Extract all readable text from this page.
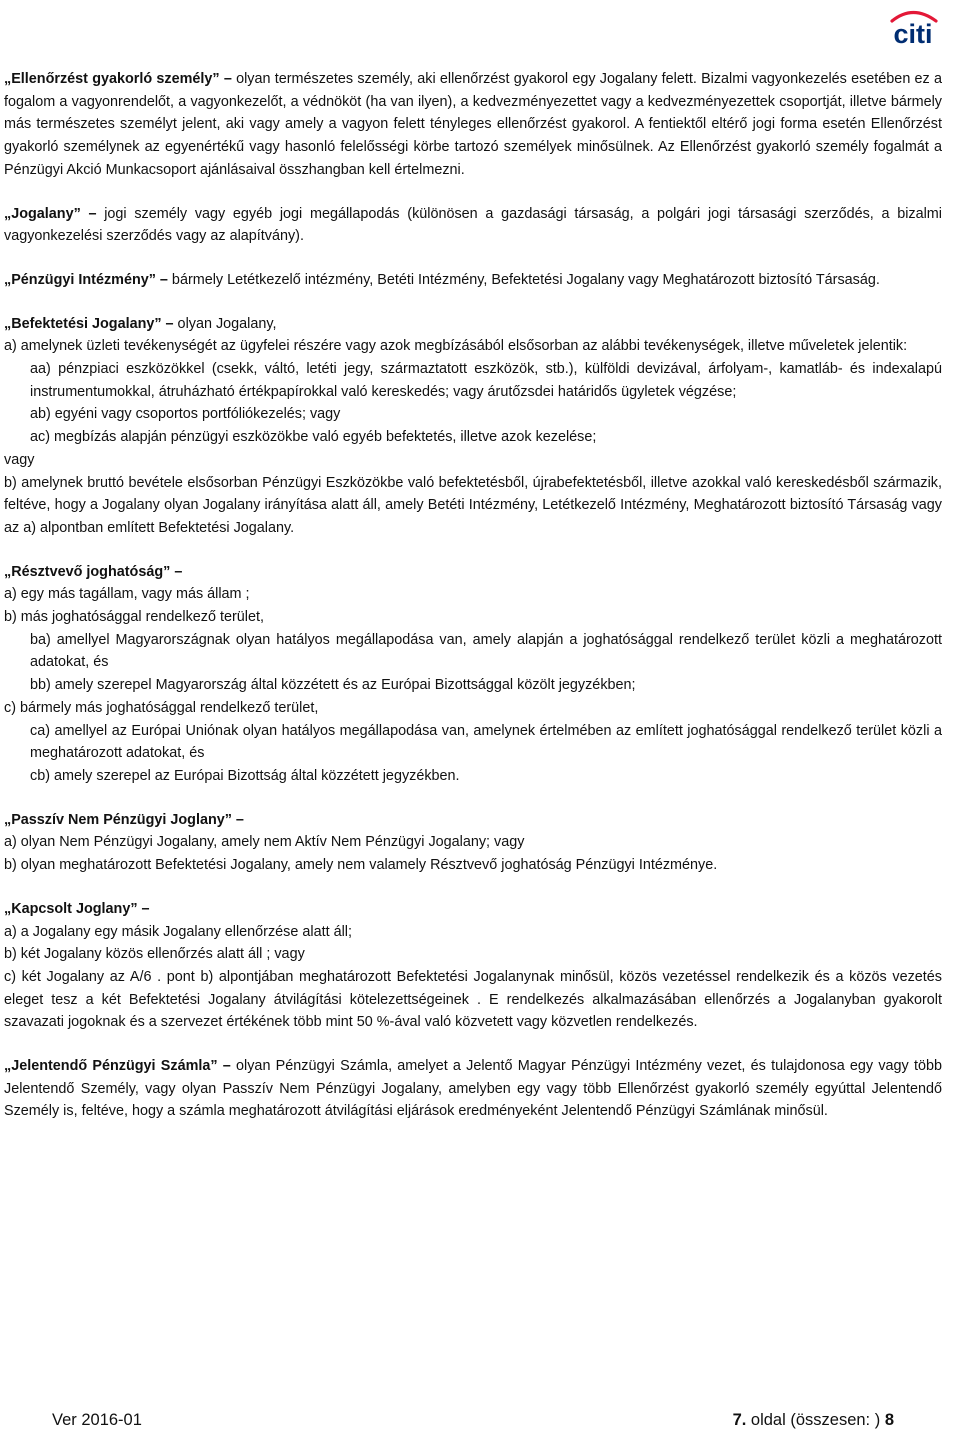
citi

„Ellenőrzést gyakorló személy” – olyan természetes személy, aki ellenőrzést gyakorol egy Jogalany felett. Bizalmi vagyonkezelés esetében ez a fogalom a vagyonrendelőt, a vagyonkezelőt, a védnököt (ha van ilyen), a kedvezményezettet vagy a kedvezményezettek csoportját, illetve bármely más természetes személyt jelent, aki vagy amely a vagyon felett tényleges ellenőrzést gyakorol. A fentiektől eltérő jogi forma esetén Ellenőrzést gyakorló személynek az egyenértékű vagy hasonló felelősségi körbe tartozó személyek minősülnek. Az Ellenőrzést gyakorló személy fogalmát a Pénzügyi Akció Munkacsoport ajánlásaival összhangban kell értelmezni.

„Jogalany” – jogi személy vagy egyéb jogi megállapodás (különösen a gazdasági társaság, a polgári jogi társasági szerződés, a bizalmi vagyonkezelési szerződés vagy az alapítvány).

„Pénzügyi Intézmény” – bármely Letétkezelő intézmény, Betéti Intézmény, Befektetési Jogalany vagy Meghatározott biztosító Társaság.

„Befektetési Jogalany” – olyan Jogalany,
a) amelynek üzleti tevékenységét az ügyfelei részére vagy azok megbízásából elsősorban az alábbi tevékenységek, illetve műveletek jelentik:
aa) pénzpiaci eszközökkel (csekk, váltó, letéti jegy, származtatott eszközök, stb.), külföldi devizával, árfolyam-, kamatláb- és indexalapú instrumentumokkal, átruházható értékpapírokkal való kereskedés; vagy árutőzsdei határidős ügyletek végzése;
ab) egyéni vagy csoportos portfóliókezelés; vagy
ac) megbízás alapján pénzügyi eszközökbe való egyéb befektetés, illetve azok kezelése;
vagy
b) amelynek bruttó bevétele elsősorban Pénzügyi Eszközökbe való befektetésből, újrabefektetésből, illetve azokkal való kereskedésből származik, feltéve, hogy a Jogalany olyan Jogalany irányítása alatt áll, amely Betéti Intézmény, Letétkezelő Intézmény, Meghatározott biztosító Társaság vagy az a) alpontban említett Befektetési Jogalany.

„Résztvevő joghatóság” –
a) egy más tagállam, vagy más állam ;
b) más joghatósággal rendelkező terület,
ba) amellyel Magyarországnak olyan hatályos megállapodása van, amely alapján a joghatósággal rendelkező terület közli a meghatározott adatokat, és
bb) amely szerepel Magyarország által közzétett és az Európai Bizottsággal közölt jegyzékben;
c) bármely más joghatósággal rendelkező terület,
ca) amellyel az Európai Uniónak olyan hatályos megállapodása van, amelynek értelmében az említett joghatósággal rendelkező terület közli a meghatározott adatokat, és
cb) amely szerepel az Európai Bizottság által közzétett jegyzékben.

„Passzív Nem Pénzügyi Joglany” –
a) olyan Nem Pénzügyi Jogalany, amely nem Aktív Nem Pénzügyi Jogalany; vagy
b) olyan meghatározott Befektetési Jogalany, amely nem valamely Résztvevő joghatóság Pénzügyi Intézménye.

„Kapcsolt Joglany” –
a) a Jogalany egy másik Jogalany ellenőrzése alatt áll;
b) két Jogalany közös ellenőrzés alatt áll ; vagy
c) két Jogalany az A/6 . pont b) alpontjában meghatározott Befektetési Jogalanynak minősül, közös vezetéssel rendelkezik és a közös vezetés eleget tesz a két Befektetési Jogalany átvilágítási kötelezettségeinek . E rendelkezés alkalmazásában ellenőrzés a Jogalanyban gyakorolt szavazati jogoknak és a szervezet értékének több mint 50 %-ával való közvetett vagy közvetlen rendelkezés.

„Jelentendő Pénzügyi Számla” – olyan Pénzügyi Számla, amelyet a Jelentő Magyar Pénzügyi Intézmény vezet, és tulajdonosa egy vagy több Jelentendő Személy, vagy olyan Passzív Nem Pénzügyi Jogalany, amelyben egy vagy több Ellenőrzést gyakorló személy egyúttal Jelentendő Személy is, feltéve, hogy a számla meghatározott átvilágítási eljárások eredményeként Jelentendő Pénzügyi Számlának minősül.

Ver 2016-01	7. oldal (összesen: ) 8
